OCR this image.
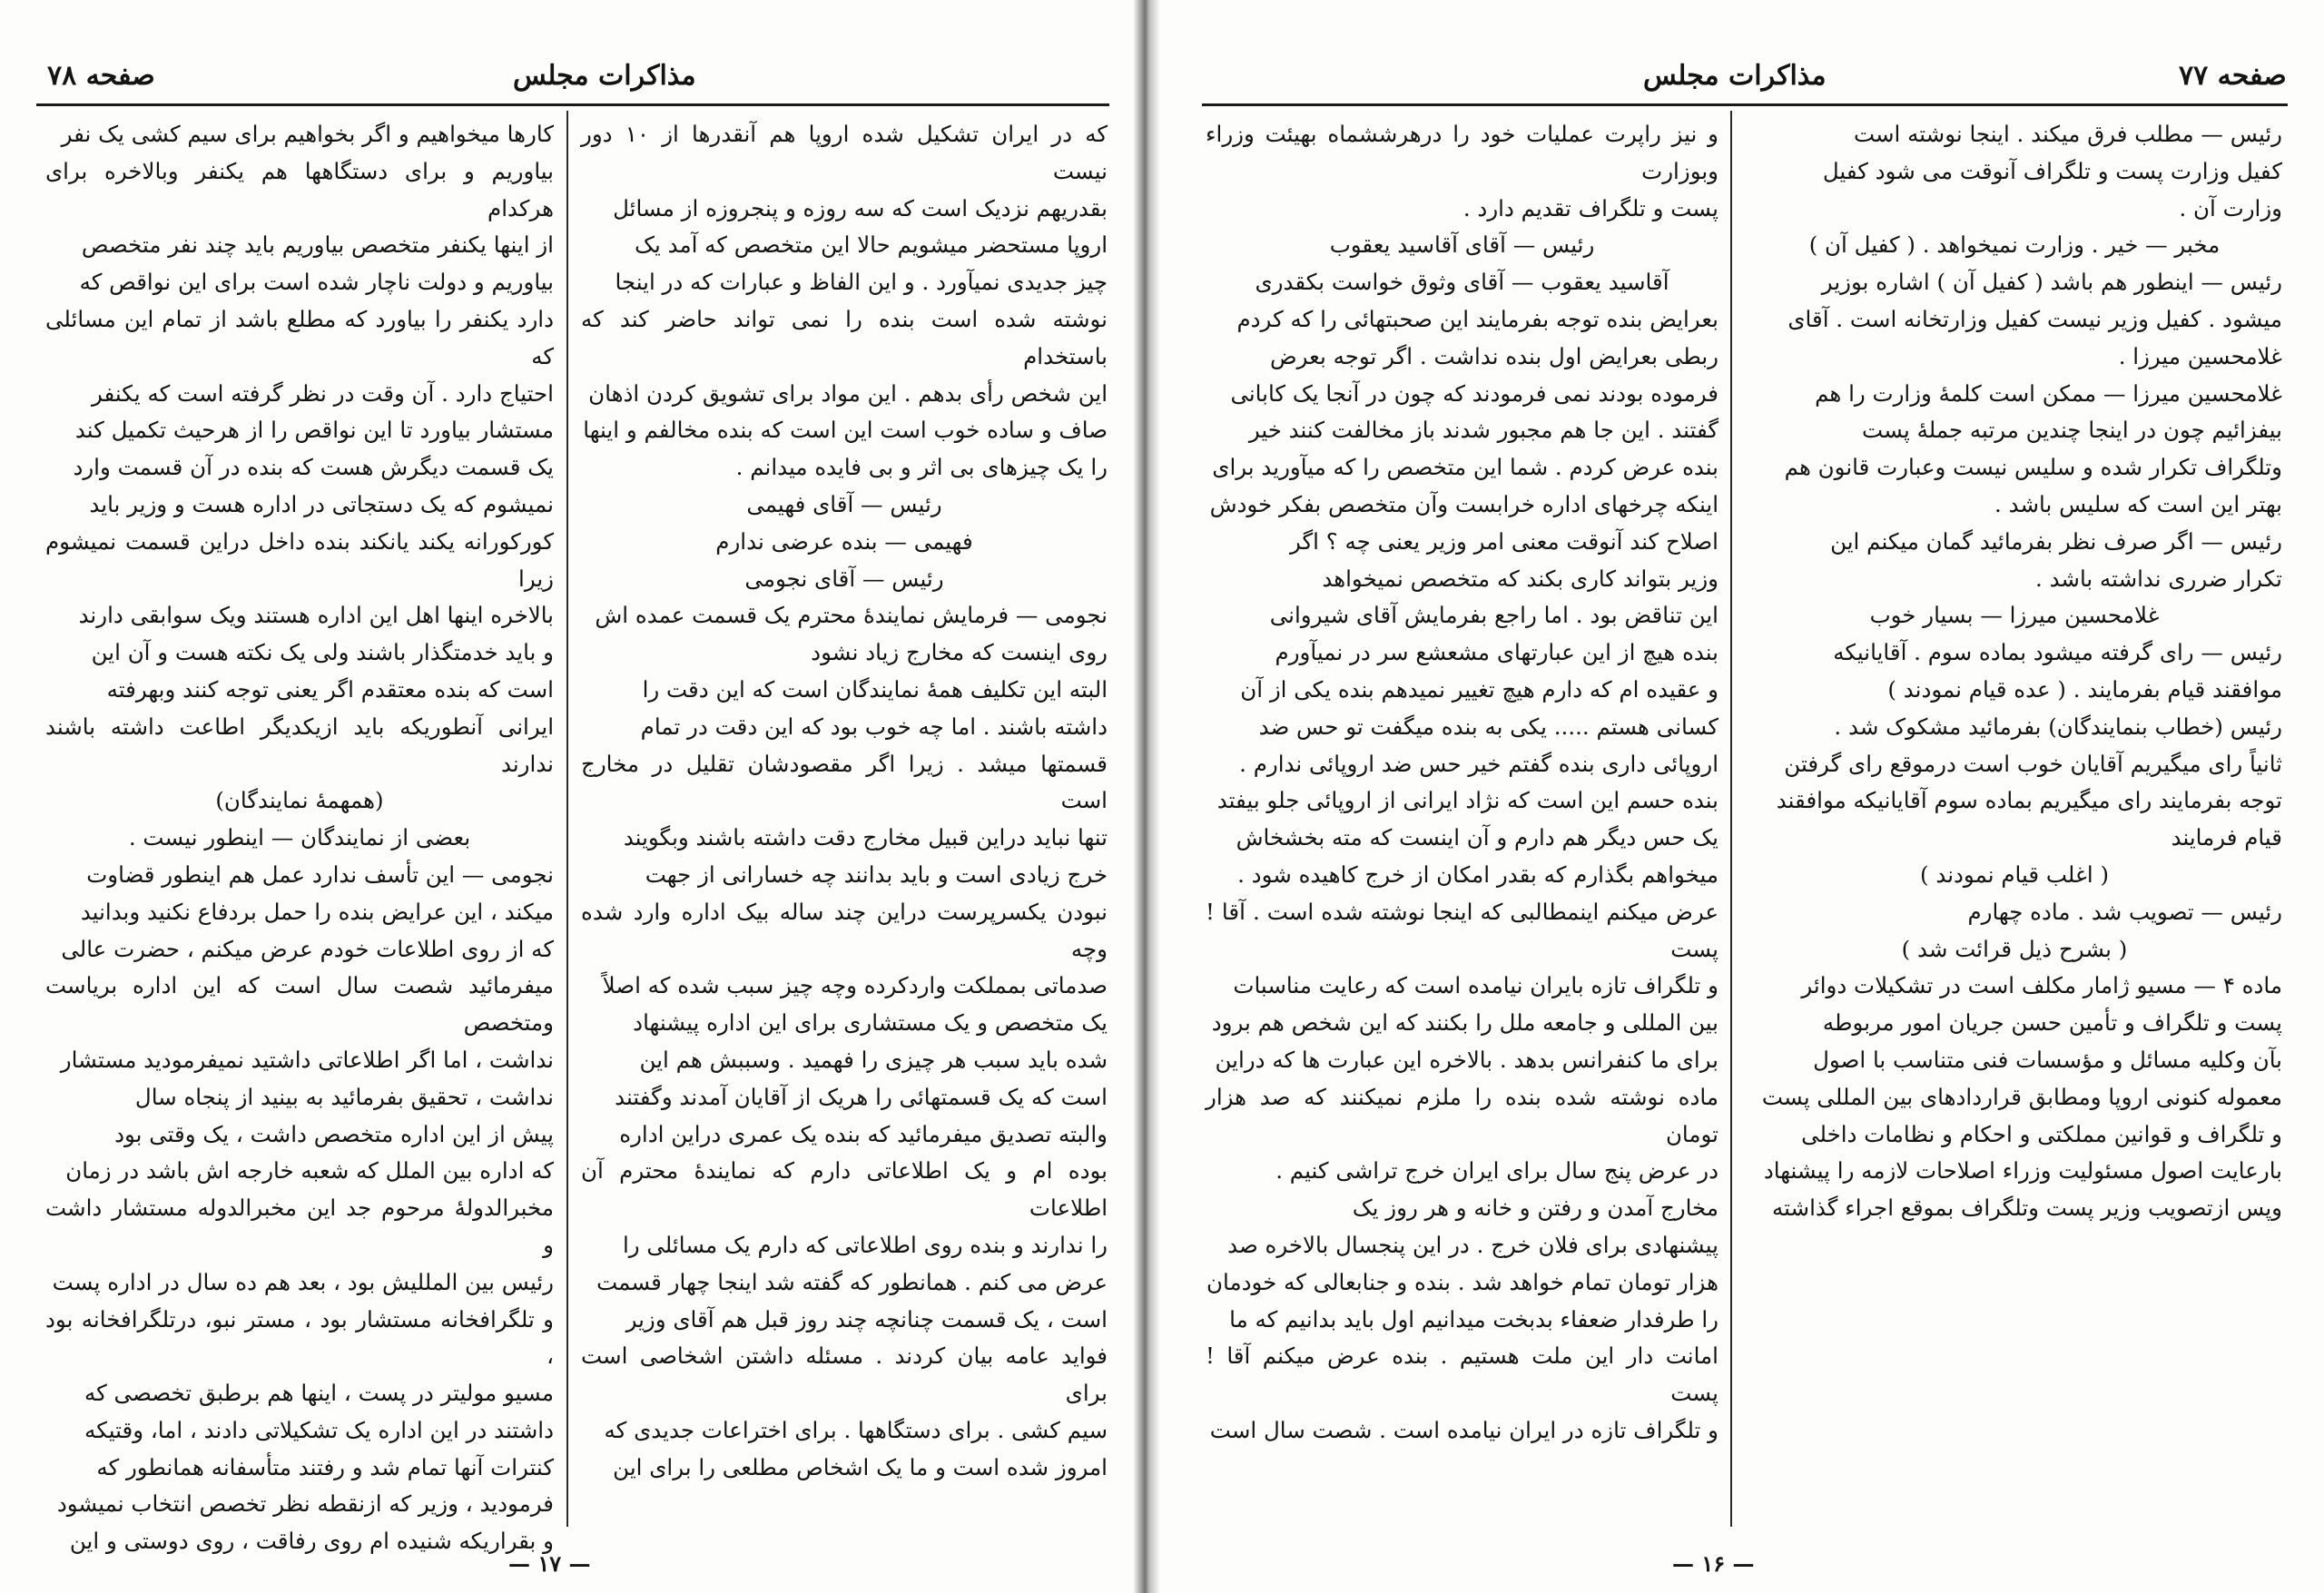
صفحه ۷۸	مذاکرات مجلس

که در ایران تشکیل شده اروپا هم آنقدرها از ۱۰ دور نیست

بقدریهم نزدیک است که سه روزه و پنجروزه از مسائل

اروپا مستحضر میشویم حالا این متخصص که آمد یک

چیز جدیدی نمیآورد . و این الفاظ و عبارات که در اینجا

نوشته شده است بنده را نمی تواند حاضر کند که باستخدام

این شخص رأی بدهم . این مواد برای تشویق کردن اذهان

صاف و ساده خوب است این است که بنده مخالفم و اینها

را یک چیزهای بی اثر و بی فایده میدانم .

رئیس — آقای فهیمی

فهیمی — بنده عرضی ندارم

رئیس — آقای نجومی

نجومی — فرمایش نمایندهٔ محترم یک قسمت عمده اش

روی اینست که مخارج زیاد نشود

البته این تکلیف همهٔ نمایندگان است که این دقت را

داشته باشند . اما چه خوب بود که این دقت در تمام

قسمتها میشد . زیرا اگر مقصودشان تقلیل در مخارج است

تنها نباید دراین قبیل مخارج دقت داشته باشند وبگویند

خرج زیادی است و باید بدانند چه خسارانی از جهت

نبودن یکسرپرست دراین چند ساله بیک اداره وارد شده وچه

صدماتی بمملکت واردکرده وچه چیز سبب شده که اصلاً

یک متخصص و یک مستشاری برای این اداره پیشنهاد

شده باید سبب هر چیزی را فهمید . وسببش هم این

است که یک قسمتهائی را هریک از آقایان آمدند وگفتند

والبته تصدیق میفرمائید که بنده یک عمری دراین اداره

بوده ام و یک اطلاعاتی دارم که نمایندهٔ محترم آن اطلاعات

را ندارند و بنده روی اطلاعاتی که دارم یک مسائلی را

عرض می کنم . همانطور که گفته شد اینجا چهار قسمت

است ، یک قسمت چنانچه چند روز قبل هم آقای وزیر

فواید عامه بیان کردند . مسئله داشتن اشخاصی است برای

سیم کشی . برای دستگاهها . برای اختراعات جدیدی که

امروز شده است و ما یک اشخاص مطلعی را برای این

کارها میخواهیم و اگر بخواهیم برای سیم کشی یک نفر

بیاوریم و برای دستگاهها هم یکنفر وبالاخره برای هرکدام

از اینها یکنفر متخصص بیاوریم باید چند نفر متخصص

بیاوریم و دولت ناچار شده است برای این نواقص که

دارد یکنفر را بیاورد که مطلع باشد از تمام این مسائلی که

احتیاج دارد . آن وقت در نظر گرفته است که یکنفر

مستشار بیاورد تا این نواقص را از هرحیث تکمیل کند

یک قسمت دیگرش هست که بنده در آن قسمت وارد

نمیشوم که یک دستجاتی در اداره هست و وزیر باید

کورکورانه یکند یانکند بنده داخل دراین قسمت نمیشوم زیرا

بالاخره اینها اهل این اداره هستند ویک سوابقی دارند

و باید خدمتگذار باشند ولی یک نکته هست و آن این

است که بنده معتقدم اگر یعنی توجه کنند وبهرفته

ایرانی آنطوریکه باید ازیکدیگر اطاعت داشته باشند ندارند

(همهمهٔ نمایندگان)

بعضی از نمایندگان — اینطور نیست .

نجومی — این تأسف ندارد عمل هم اینطور قضاوت

میکند ، این عرایض بنده را حمل بردفاع نکنید وبدانید

که از روی اطلاعات خودم عرض میکنم ، حضرت عالی

میفرمائید شصت سال است که این اداره بریاست ومتخصص

نداشت ، اما اگر اطلاعاتی داشتید نمیفرمودید مستشار

نداشت ، تحقیق بفرمائید به بینید از پنجاه سال

پیش از این اداره متخصص داشت ، یک وقتی بود

که اداره بین الملل که شعبه خارجه اش باشد در زمان

مخبرالدولهٔ مرحوم جد این مخبرالدوله مستشار داشت و

رئیس بین المللیش بود ، بعد هم ده سال در اداره پست

و تلگرافخانه مستشار بود ، مستر نبو، درتلگرافخانه بود ،

مسیو مولیتر در پست ، اینها هم برطبق تخصصی که

داشتند در این اداره یک تشکیلاتی دادند ، اما، وقتیکه

کنترات آنها تمام شد و رفتند متأسفانه همانطور که

فرمودید ، وزیر که ازنقطه نظر تخصص انتخاب نمیشود

و بقراریکه شنیده ام روی رفاقت ، روی دوستی و این

— ۱۷ —
مذاکرات مجلس	صفحه ۷۷

رئیس — مطلب فرق میکند . اینجا نوشته است

کفیل وزارت پست و تلگراف آنوقت می شود کفیل

وزارت آن .

مخبر — خیر . وزارت نمیخواهد . ( کفیل آن )

رئیس — اینطور هم باشد ( کفیل آن ) اشاره بوزیر

میشود . کفیل وزیر نیست کفیل وزارتخانه است . آقای

غلامحسین میرزا .

غلامحسین میرزا — ممکن است کلمهٔ وزارت را هم

بیفزائیم چون در اینجا چندین مرتبه جملهٔ پست

وتلگراف تکرار شده و سلیس نیست وعبارت قانون هم

بهتر این است که سلیس باشد .

رئیس — اگر صرف نظر بفرمائید گمان میکنم این

تکرار ضرری نداشته باشد .

غلامحسین میرزا — بسیار خوب

رئیس — رای گرفته میشود بماده سوم . آقایانیکه

موافقند قیام بفرمایند . ( عده قیام نمودند )

رئیس (خطاب بنمایندگان) بفرمائید مشکوک شد .

ثانیاً رای میگیریم آقایان خوب است درموقع رای گرفتن

توجه بفرمایند رای میگیریم بماده سوم آقایانیکه موافقند

قیام فرمایند

( اغلب قیام نمودند )

رئیس — تصویب شد . ماده چهارم

( بشرح ذیل قرائت شد )

ماده ۴ — مسیو ژامار مکلف است در تشکیلات دوائر

پست و تلگراف و تأمین حسن جریان امور مربوطه

بآن وکلیه مسائل و مؤسسات فنی متناسب با اصول

معموله کنونی اروپا ومطابق قراردادهای بین المللی پست

و تلگراف و قوانین مملکتی و احکام و نظامات داخلی

بارعایت اصول مسئولیت وزراء اصلاحات لازمه را پیشنهاد

وپس ازتصویب وزیر پست وتلگراف بموقع اجراء گذاشته

و نیز راپرت عملیات خود را درهرششماه بهیئت وزراء وبوزارت

پست و تلگراف تقدیم دارد .

رئیس — آقای آقاسید یعقوب

آقاسید یعقوب — آقای وثوق خواست بکقدری

بعرایض بنده توجه بفرمایند این صحبتهائی را که کردم

ربطی بعرایض اول بنده نداشت . اگر توجه بعرض

فرموده بودند نمی فرمودند که چون در آنجا یک کابانی

گفتند . این جا هم مجبور شدند باز مخالفت کنند خیر

بنده عرض کردم . شما این متخصص را که میآورید برای

اینکه چرخهای اداره خرابست وآن متخصص بفکر خودش

اصلاح کند آنوقت معنی امر وزیر یعنی چه ؟ اگر

وزیر بتواند کاری بکند که متخصص نمیخواهد

این تناقض بود . اما راجع بفرمایش آقای شیروانی

بنده هیچ از این عبارتهای مشعشع سر در نمیآورم

و عقیده ام که دارم هیچ تغییر نمیدهم بنده یکی از آن

کسانی هستم ..... یکی به بنده میگفت تو حس ضد

اروپائی داری بنده گفتم خیر حس ضد اروپائی ندارم .

بنده حسم این است که نژاد ایرانی از اروپائی جلو بیفتد

یک حس دیگر هم دارم و آن اینست که مته بخشخاش

میخواهم بگذارم که بقدر امکان از خرج کاهیده شود .

عرض میکنم اینمطالبی که اینجا نوشته شده است . آقا ! پست

و تلگراف تازه بایران نیامده است که رعایت مناسبات

بین المللی و جامعه ملل را بکنند که این شخص هم برود

برای ما کنفرانس بدهد . بالاخره این عبارت ها که دراین

ماده نوشته شده بنده را ملزم نمیکنند که صد هزار تومان

در عرض پنج سال برای ایران خرج تراشی کنیم .

مخارج آمدن و رفتن و خانه و هر روز یک

پیشنهادی برای فلان خرج . در این پنجسال بالاخره صد

هزار تومان تمام خواهد شد . بنده و جنابعالی که خودمان

را طرفدار ضعفاء بدبخت میدانیم اول باید بدانیم که ما

امانت دار این ملت هستیم . بنده عرض میکنم آقا ! پست

و تلگراف تازه در ایران نیامده است . شصت سال است

— ۱۶ —
